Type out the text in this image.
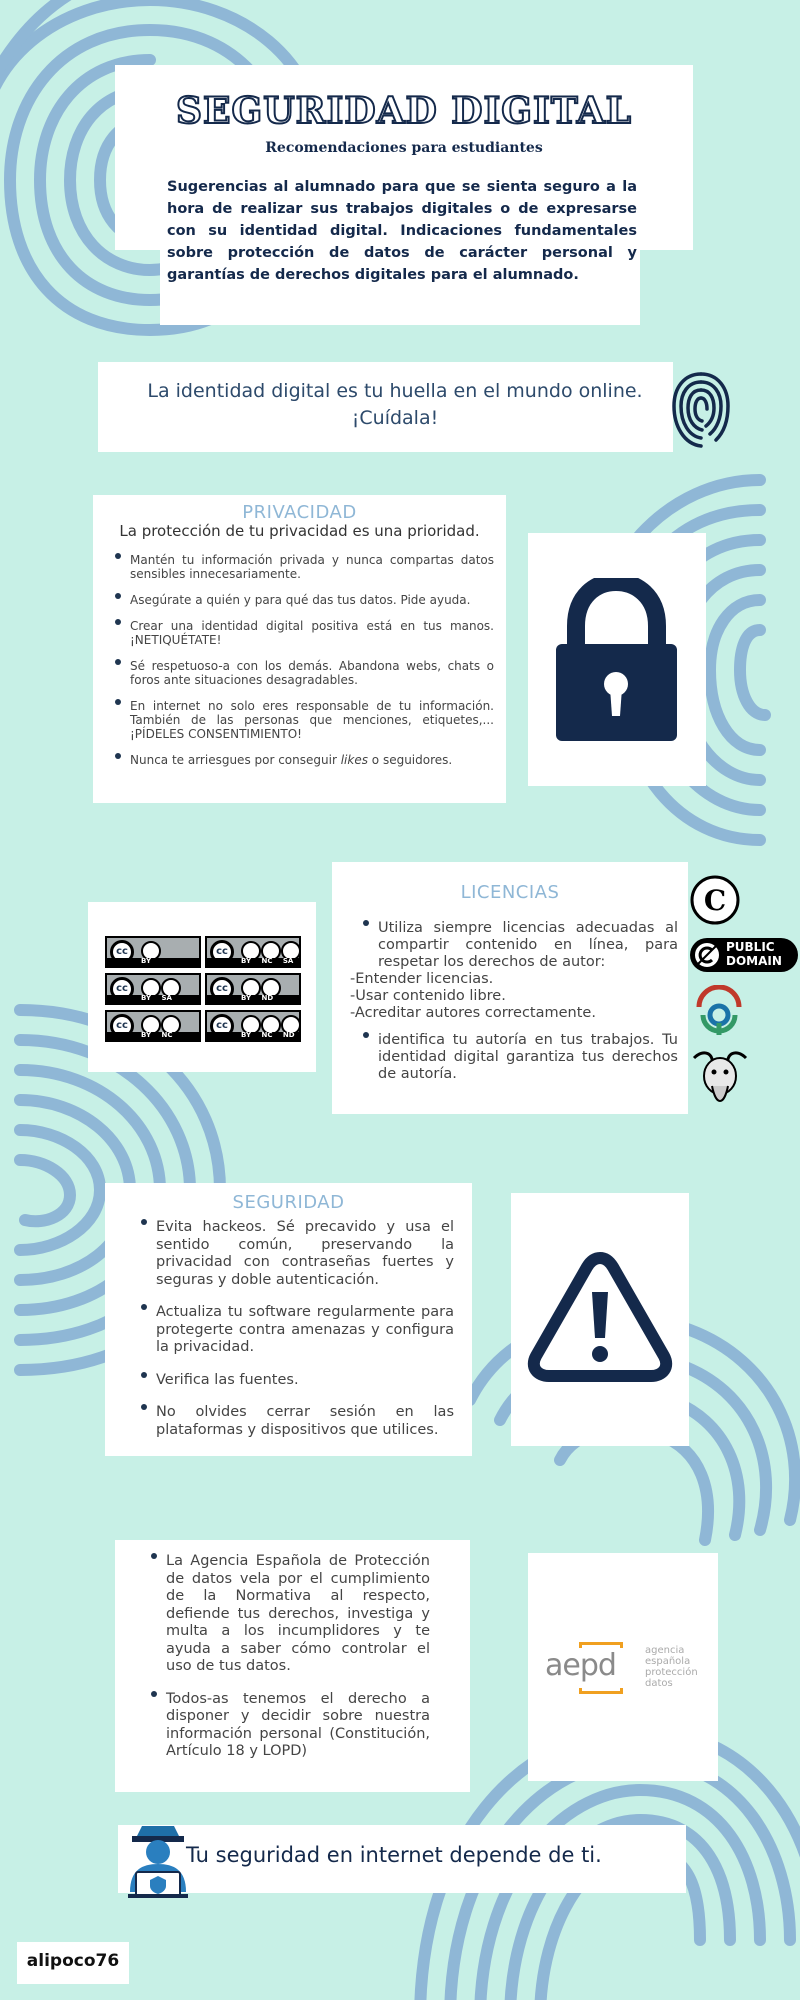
SEGURIDAD DIGITAL
Recomendaciones para estudiantes
Sugerencias al alumnado para que se sienta seguro a la hora de realizar sus trabajos digitales o de expresarse con su identidad digital. Indicaciones fundamentales sobre protección de datos de carácter personal y garantías de derechos digitales para el alumnado.
La identidad digital es tu huella en el mundo online.
¡Cuídala!
PRIVACIDAD
La protección de tu privacidad es una prioridad.
Mantén tu información privada y nunca compartas datos sensibles innecesariamente.
Asegúrate a quién y para qué das tus datos. Pide ayuda.
Crear una identidad digital positiva está en tus manos. ¡NETIQUÉTATE!
Sé respetuoso-a con los demás. Abandona webs, chats o foros ante situaciones desagradables.
En internet no solo eres responsable de tu información. También de las personas que menciones, etiquetes,... ¡PÍDELES CONSENTIMIENTO!
Nunca te arriesgues por conseguir likes o seguidores.
cc
BY
cc
BY NC SA
cc
BY SA
cc
BY ND
cc
BY NC
cc
BY NC ND
LICENCIAS
Utiliza siempre licencias adecuadas al compartir contenido en línea, para respetar los derechos de autor:
-Entender licencias.
-Usar contenido libre.
-Acreditar autores correctamente.
identifica tu autoría en tus trabajos. Tu identidad digital garantiza tus derechos de autoría.
C
PUBLIC
DOMAIN
SEGURIDAD
Evita hackeos. Sé precavido y usa el sentido común, preservando la privacidad con contraseñas fuertes y seguras y doble autenticación.
Actualiza tu software regularmente para protegerte contra amenazas y configura la privacidad.
Verifica las fuentes.
No olvides cerrar sesión en las plataformas y dispositivos que utilices.
La Agencia Española de Protección de datos vela por el cumplimiento de la Normativa al respecto, defiende tus derechos, investiga y multa a los incumplidores y te ayuda a saber cómo controlar el uso de tus datos.
Todos-as tenemos el derecho a disponer y decidir sobre nuestra información personal (Constitución, Artículo 18 y LOPD)
aepd	agencia
española
protección
datos
Tu seguridad en internet depende de ti.
alipoco76
